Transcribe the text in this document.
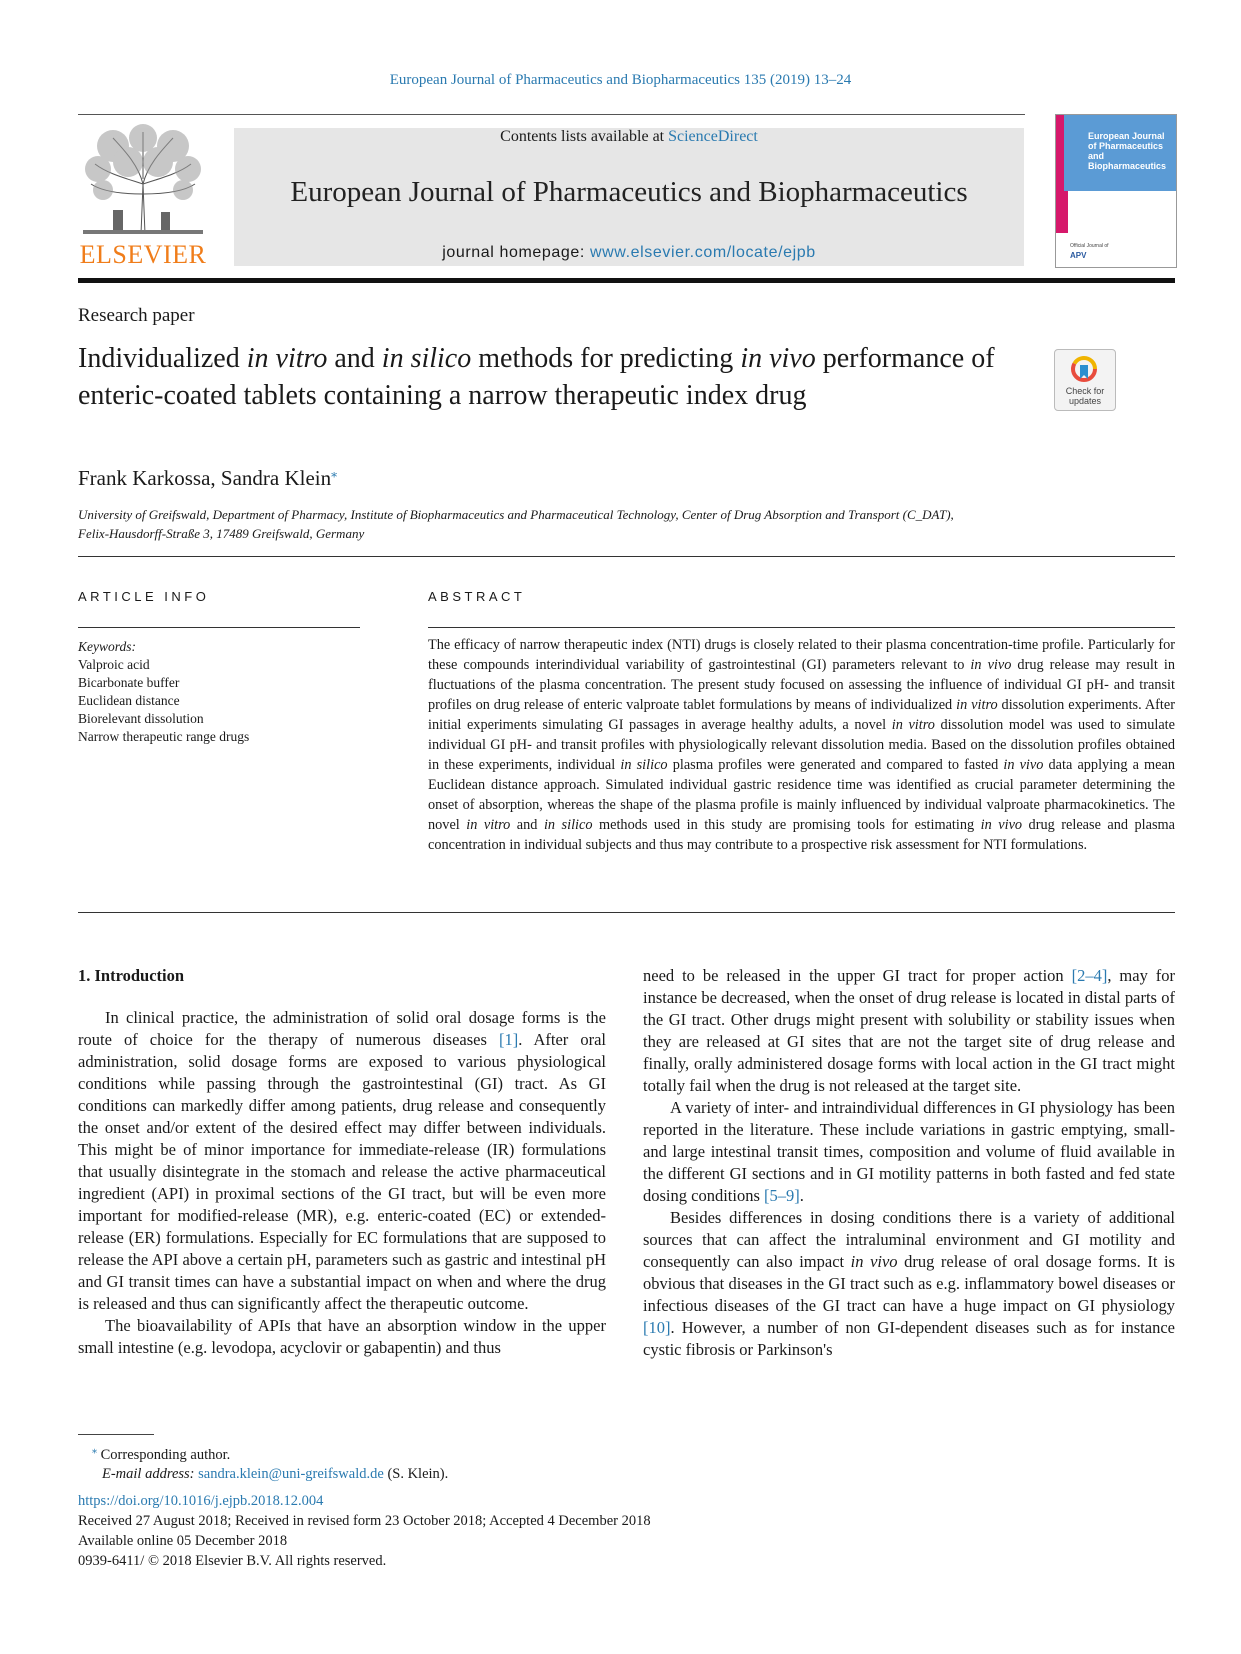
European Journal of Pharmaceutics and Biopharmaceutics 135 (2019) 13–24
ELSEVIER
Contents lists available at ScienceDirect
European Journal of Pharmaceutics and Biopharmaceutics
journal homepage: www.elsevier.com/locate/ejpb
European Journal of Pharmaceutics and Biopharmaceutics
Official Journal of
APV
Research paper
Individualized in vitro and in silico methods for predicting in vivo performance of enteric-coated tablets containing a narrow therapeutic index drug	Check for
updates
Frank Karkossa, Sandra Klein⁎
University of Greifswald, Department of Pharmacy, Institute of Biopharmaceutics and Pharmaceutical Technology, Center of Drug Absorption and Transport (C_DAT),
Felix-Hausdorff-Straße 3, 17489 Greifswald, Germany
ARTICLE INFO
Keywords:
Valproic acid
Bicarbonate buffer
Euclidean distance
Biorelevant dissolution
Narrow therapeutic range drugs
ABSTRACT

The efficacy of narrow therapeutic index (NTI) drugs is closely related to their plasma concentration-time profile. Particularly for these compounds interindividual variability of gastrointestinal (GI) parameters relevant to in vivo drug release may result in fluctuations of the plasma concentration. The present study focused on assessing the influence of individual GI pH- and transit profiles on drug release of enteric valproate tablet formulations by means of individualized in vitro dissolution experiments. After initial experiments simulating GI passages in average healthy adults, a novel in vitro dissolution model was used to simulate individual GI pH- and transit profiles with physiologically relevant dissolution media. Based on the dissolution profiles obtained in these experiments, individual in silico plasma profiles were generated and compared to fasted in vivo data applying a mean Euclidean distance approach. Simulated individual gastric residence time was identified as crucial parameter determining the onset of absorption, whereas the shape of the plasma profile is mainly influenced by individual valproate pharmacokinetics. The novel in vitro and in silico methods used in this study are promising tools for estimating in vivo drug release and plasma concentration in individual subjects and thus may contribute to a prospective risk assessment for NTI formulations.

1. Introduction

In clinical practice, the administration of solid oral dosage forms is the route of choice for the therapy of numerous diseases [1]. After oral administration, solid dosage forms are exposed to various physiological conditions while passing through the gastrointestinal (GI) tract. As GI conditions can markedly differ among patients, drug release and consequently the onset and/or extent of the desired effect may differ between individuals. This might be of minor importance for immediate-release (IR) formulations that usually disintegrate in the stomach and release the active pharmaceutical ingredient (API) in proximal sections of the GI tract, but will be even more important for modified-release (MR), e.g. enteric-coated (EC) or extended-release (ER) formulations. Especially for EC formulations that are supposed to release the API above a certain pH, parameters such as gastric and intestinal pH and GI transit times can have a substantial impact on when and where the drug is released and thus can significantly affect the therapeutic outcome.

The bioavailability of APIs that have an absorption window in the upper small intestine (e.g. levodopa, acyclovir or gabapentin) and thus

need to be released in the upper GI tract for proper action [2–4], may for instance be decreased, when the onset of drug release is located in distal parts of the GI tract. Other drugs might present with solubility or stability issues when they are released at GI sites that are not the target site of drug release and finally, orally administered dosage forms with local action in the GI tract might totally fail when the drug is not released at the target site.

A variety of inter- and intraindividual differences in GI physiology has been reported in the literature. These include variations in gastric emptying, small- and large intestinal transit times, composition and volume of fluid available in the different GI sections and in GI motility patterns in both fasted and fed state dosing conditions [5–9].

Besides differences in dosing conditions there is a variety of additional sources that can affect the intraluminal environment and GI motility and consequently can also impact in vivo drug release of oral dosage forms. It is obvious that diseases in the GI tract such as e.g. inflammatory bowel diseases or infectious diseases of the GI tract can have a huge impact on GI physiology [10]. However, a number of non GI-dependent diseases such as for instance cystic fibrosis or Parkinson's

⁎ Corresponding author.
E-mail address: sandra.klein@uni-greifswald.de (S. Klein).
https://doi.org/10.1016/j.ejpb.2018.12.004
Received 27 August 2018; Received in revised form 23 October 2018; Accepted 4 December 2018
Available online 05 December 2018
0939-6411/ © 2018 Elsevier B.V. All rights reserved.
